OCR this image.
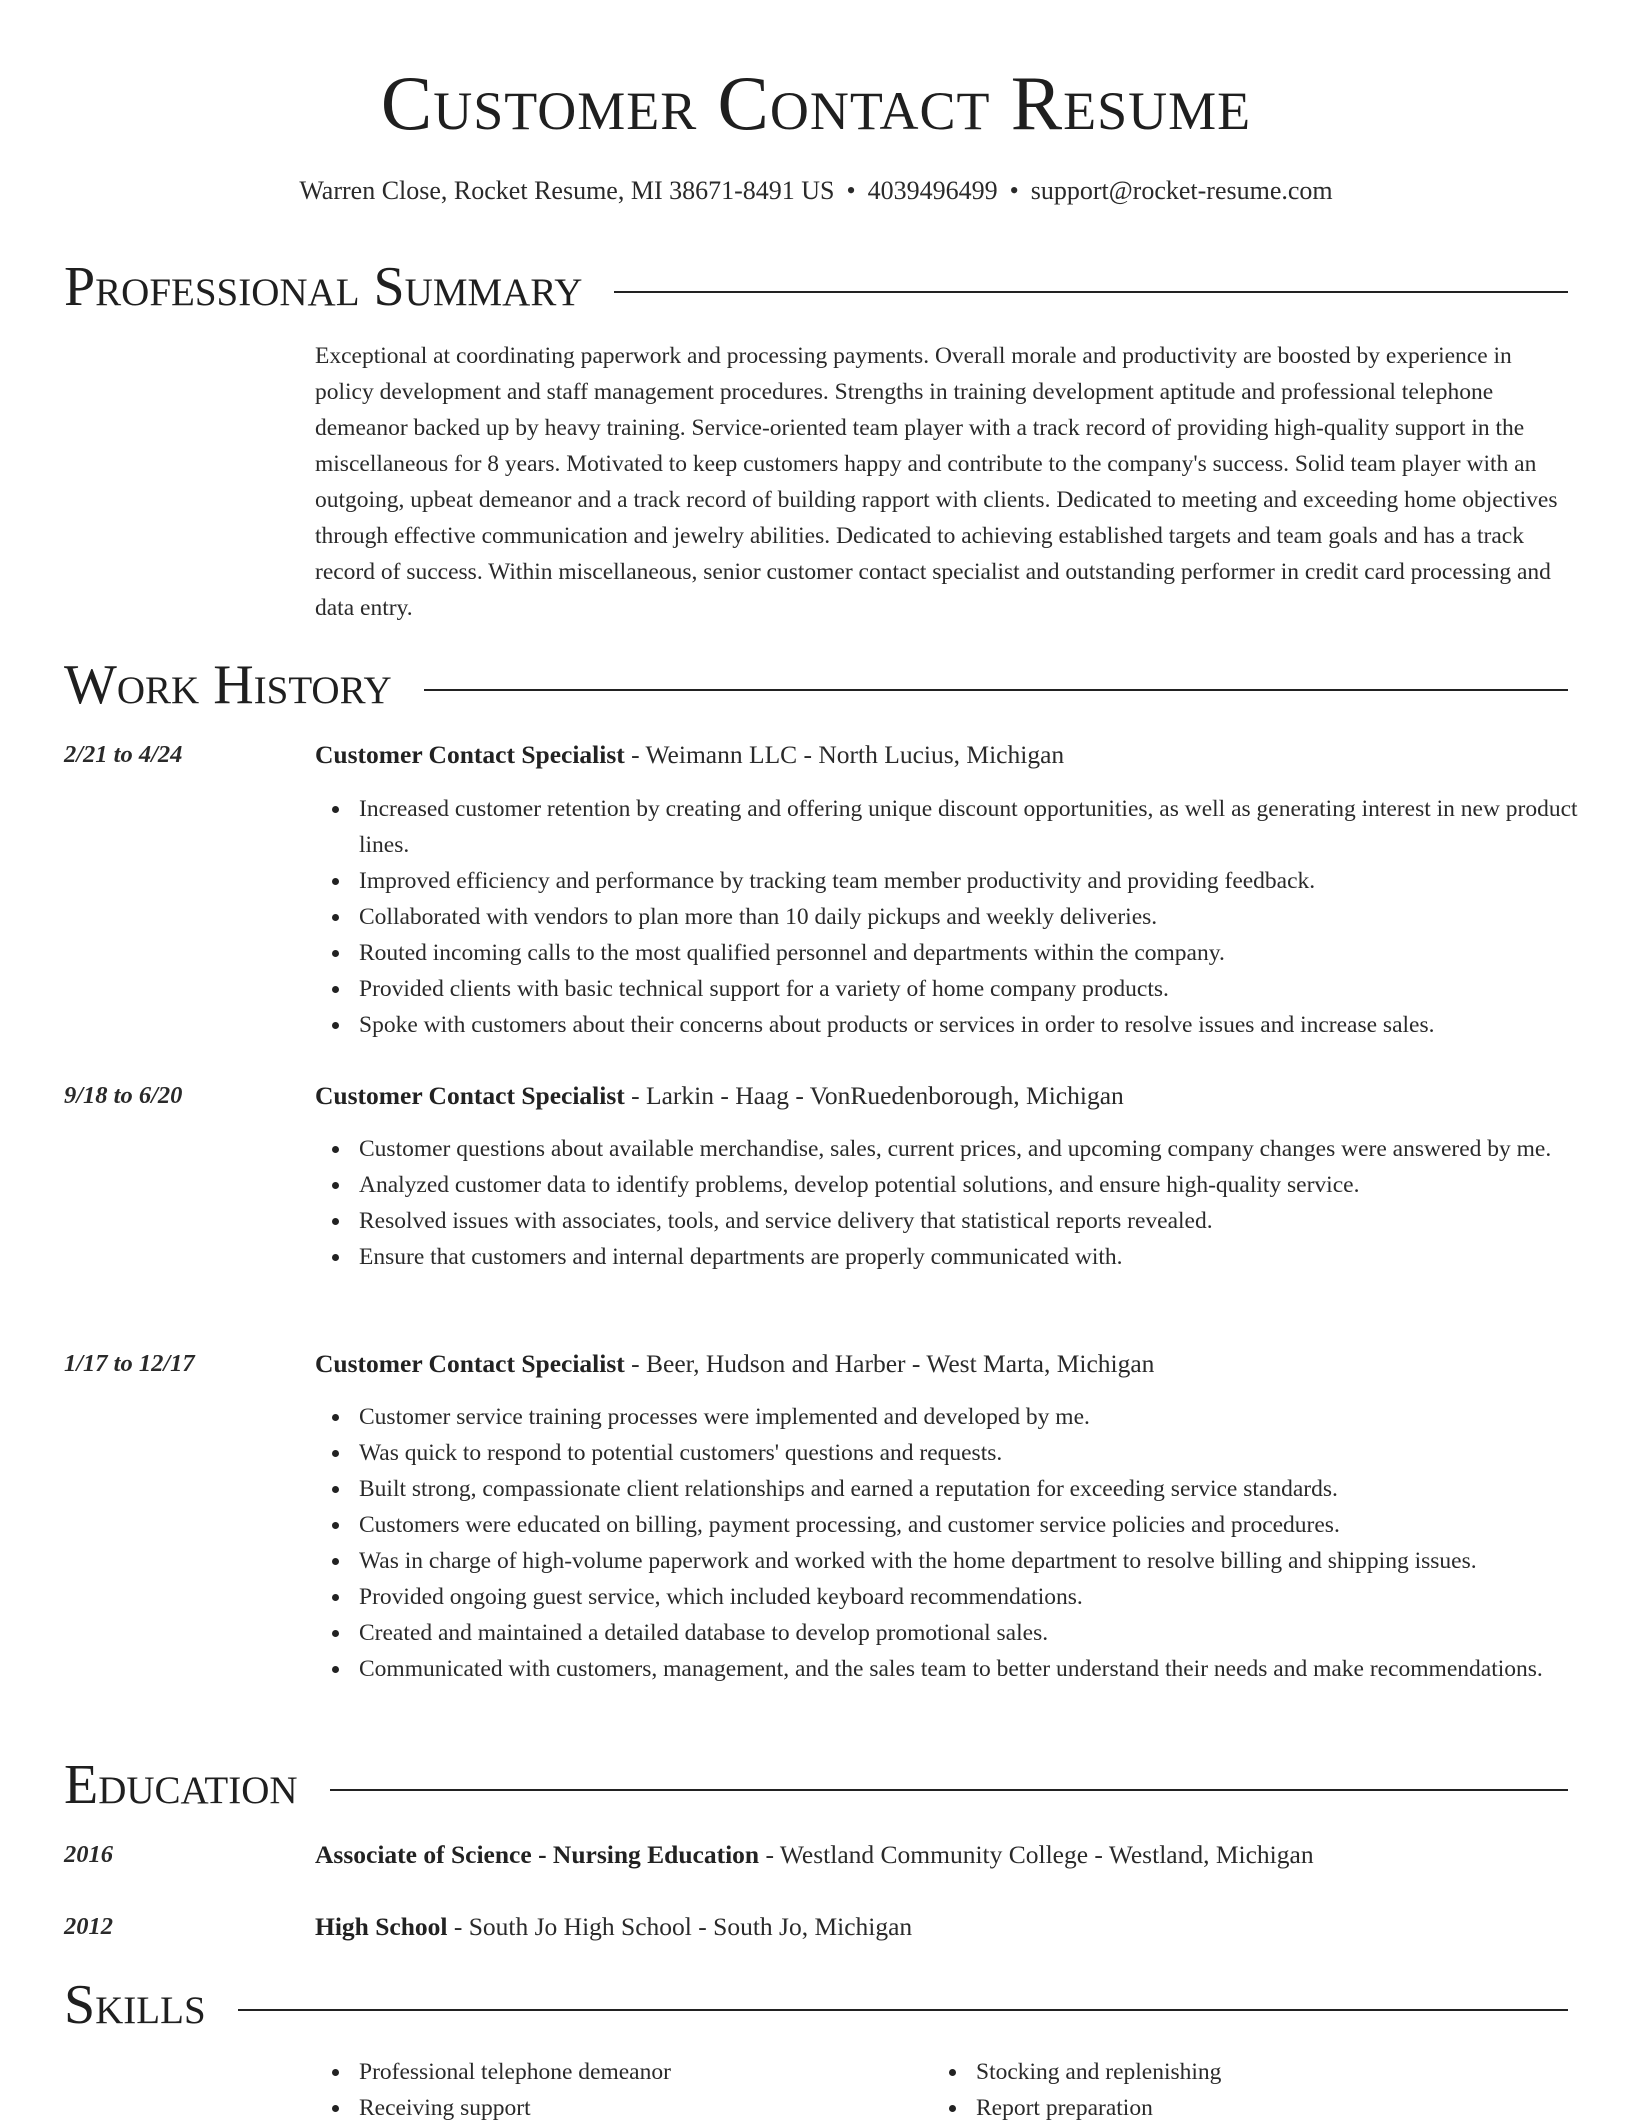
Customer Contact Resume
Warren Close, Rocket Resume, MI 38671-8491 US • 4039496499 • support@rocket-resume.com
Professional Summary

Exceptional at coordinating paperwork and processing payments. Overall morale and productivity are boosted by experience in policy development and staff management procedures. Strengths in training development aptitude and professional telephone demeanor backed up by heavy training. Service-oriented team player with a track record of providing high-quality support in the miscellaneous for 8 years. Motivated to keep customers happy and contribute to the company's success. Solid team player with an outgoing, upbeat demeanor and a track record of building rapport with clients. Dedicated to meeting and exceeding home objectives through effective communication and jewelry abilities. Dedicated to achieving established targets and team goals and has a track record of success. Within miscellaneous, senior customer contact specialist and outstanding performer in credit card processing and data entry.

Work History
2/21 to 4/24	Customer Contact Specialist - Weimann LLC - North Lucius, Michigan
Increased customer retention by creating and offering unique discount opportunities, as well as generating interest in new product lines.
Improved efficiency and performance by tracking team member productivity and providing feedback.
Collaborated with vendors to plan more than 10 daily pickups and weekly deliveries.
Routed incoming calls to the most qualified personnel and departments within the company.
Provided clients with basic technical support for a variety of home company products.
Spoke with customers about their concerns about products or services in order to resolve issues and increase sales.
9/18 to 6/20	Customer Contact Specialist - Larkin - Haag - VonRuedenborough, Michigan
Customer questions about available merchandise, sales, current prices, and upcoming company changes were answered by me.
Analyzed customer data to identify problems, develop potential solutions, and ensure high-quality service.
Resolved issues with associates, tools, and service delivery that statistical reports revealed.
Ensure that customers and internal departments are properly communicated with.
1/17 to 12/17	Customer Contact Specialist - Beer, Hudson and Harber - West Marta, Michigan
Customer service training processes were implemented and developed by me.
Was quick to respond to potential customers' questions and requests.
Built strong, compassionate client relationships and earned a reputation for exceeding service standards.
Customers were educated on billing, payment processing, and customer service policies and procedures.
Was in charge of high-volume paperwork and worked with the home department to resolve billing and shipping issues.
Provided ongoing guest service, which included keyboard recommendations.
Created and maintained a detailed database to develop promotional sales.
Communicated with customers, management, and the sales team to better understand their needs and make recommendations.
Education
2016	Associate of Science - Nursing Education - Westland Community College - Westland, Michigan
2012	High School - South Jo High School - South Jo, Michigan
Skills
Professional telephone demeanor
Receiving support
Stocking and replenishing
Report preparation
